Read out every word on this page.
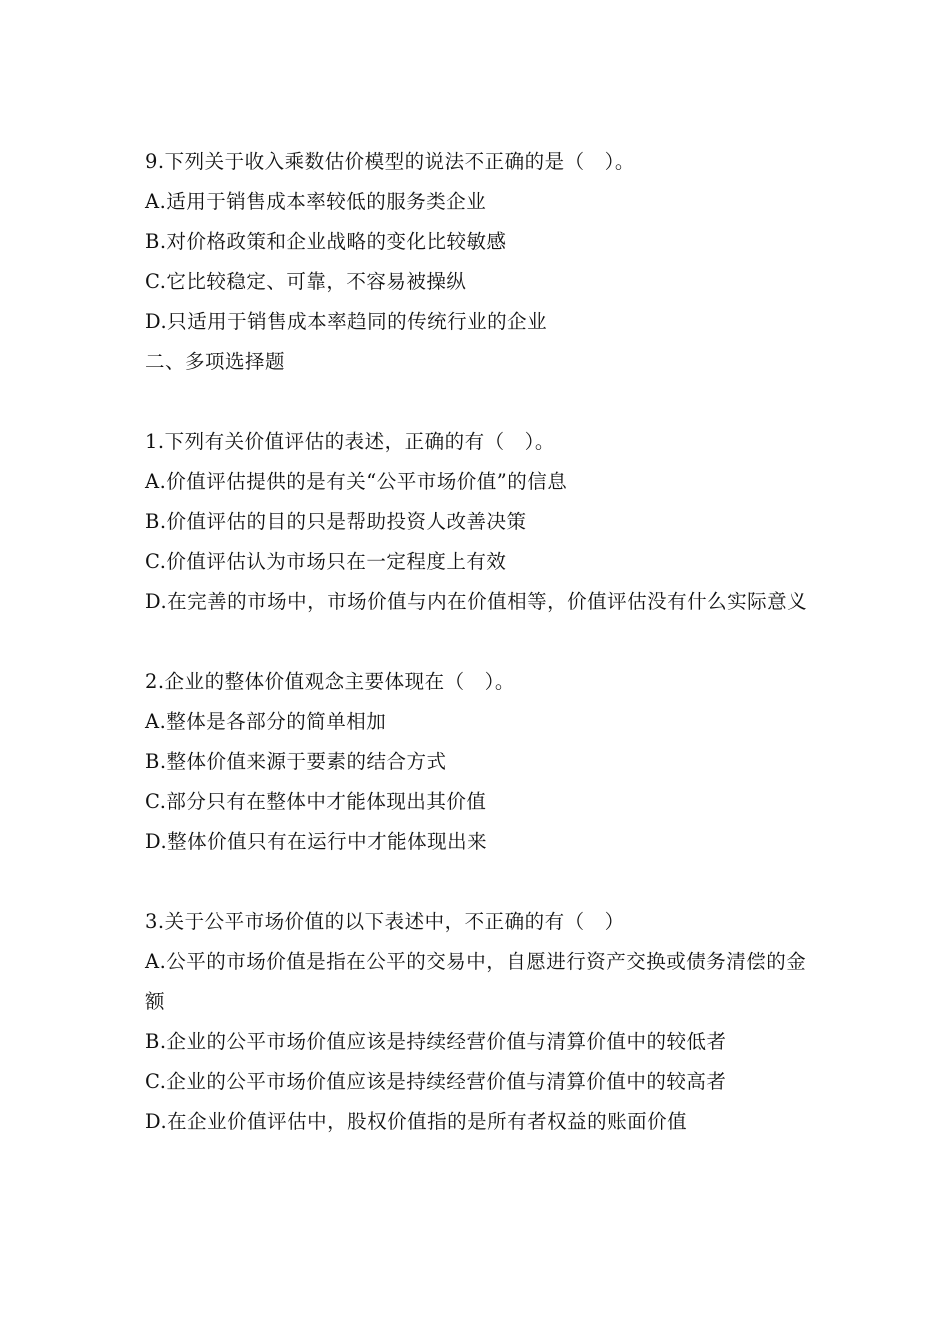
9.下列关于收入乘数估价模型的说法不正确的是（　）。
A.适用于销售成本率较低的服务类企业
B.对价格政策和企业战略的变化比较敏感
C.它比较稳定、可靠，不容易被操纵
D.只适用于销售成本率趋同的传统行业的企业
二、多项选择题
1.下列有关价值评估的表述，正确的有（　）。
A.价值评估提供的是有关“公平市场价值”的信息
B.价值评估的目的只是帮助投资人改善决策
C.价值评估认为市场只在一定程度上有效
D.在完善的市场中，市场价值与内在价值相等，价值评估没有什么实际意义
2.企业的整体价值观念主要体现在（　）。
A.整体是各部分的简单相加
B.整体价值来源于要素的结合方式
C.部分只有在整体中才能体现出其价值
D.整体价值只有在运行中才能体现出来
3.关于公平市场价值的以下表述中，不正确的有（　）
A.公平的市场价值是指在公平的交易中，自愿进行资产交换或债务清偿的金额
B.企业的公平市场价值应该是持续经营价值与清算价值中的较低者
C.企业的公平市场价值应该是持续经营价值与清算价值中的较高者
D.在企业价值评估中，股权价值指的是所有者权益的账面价值
